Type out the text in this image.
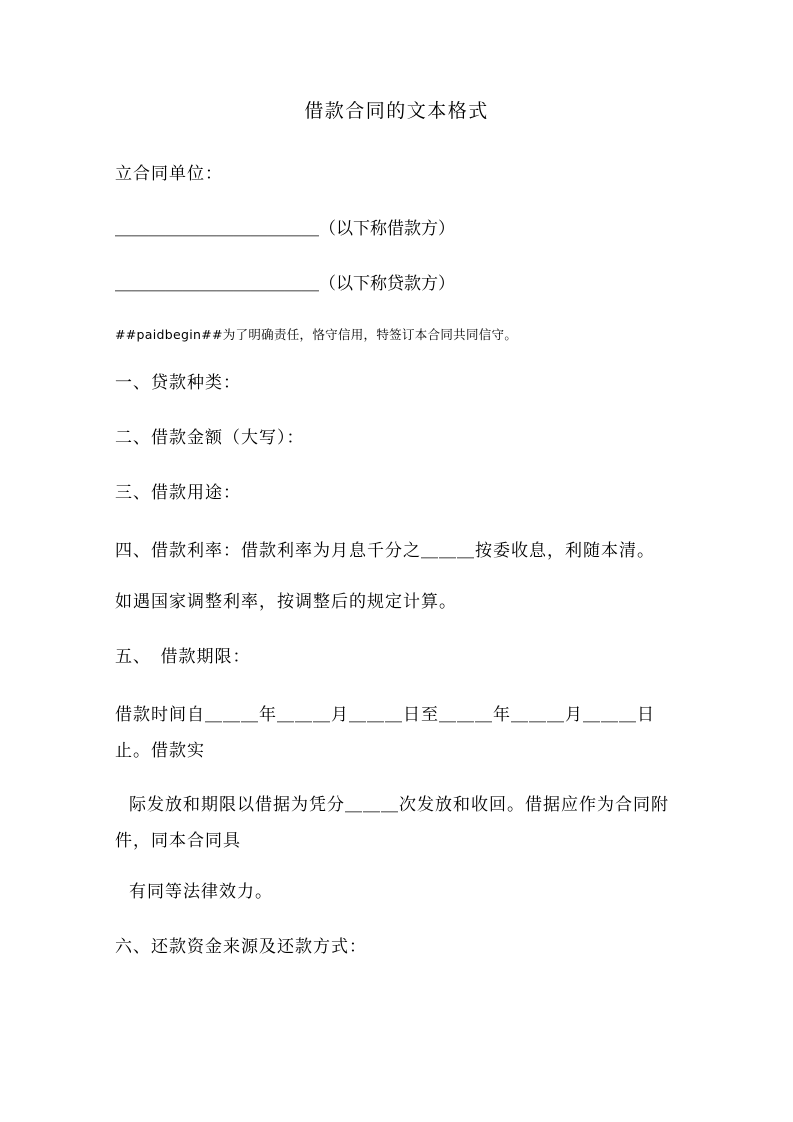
借款合同的文本格式

立合同单位：

＿＿＿＿＿＿＿＿＿＿＿＿（以下称借款方）

＿＿＿＿＿＿＿＿＿＿＿＿（以下称贷款方）

##paidbegin##为了明确责任，恪守信用，特签订本合同共同信守。

一、贷款种类：

二、借款金额（大写）：

三、借款用途：

四、借款利率：借款利率为月息千分之＿＿＿按委收息，利随本清。

如遇国家调整利率，按调整后的规定计算。

五、　借款期限：

借款时间自＿＿＿年＿＿＿月＿＿＿日至＿＿＿年＿＿＿月＿＿＿日止。借款实

际发放和期限以借据为凭分＿＿＿次发放和收回。借据应作为合同附件，同本合同具

有同等法律效力。

六、还款资金来源及还款方式：
